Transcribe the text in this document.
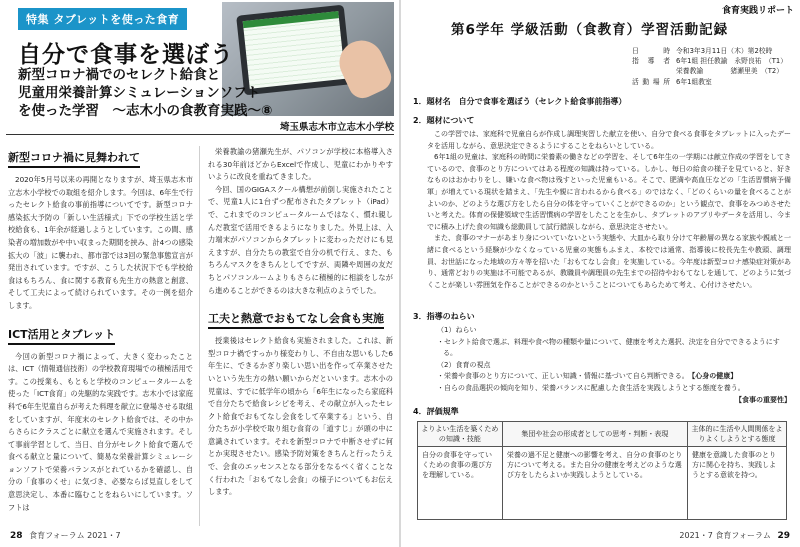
特集 タブレットを使った食育
自分で食事を選ぼう
新型コロナ禍でのセレクト給食と
児童用栄養計算シミュレーションソフト
を使った学習　～志木小の食教育実践～⑧
埼玉県志木市立志木小学校
新型コロナ禍に見舞われて

2020年5月号以来の再開となりますが、埼玉県志木市立志木小学校での取組を紹介します。今回は、6年生で行ったセレクト給食の事前指導についてです。新型コロナ感染拡大予防の「新しい生活様式」下での学校生活と学校給食も、1年余が経過しようとしています。この間、感染者の増加数がや中い収まった期間を挟み、計4つの感染拡大の「波」に襲われ、都市部では3回の緊急事態宣言が発出されています。ですが、こうした状況下でも学校給食はもちろん、食に関する教育も先生方の熱意と創意、そして工夫によって続けられています。その一例を紹介します。

ICT活用とタブレット

今回の新型コロナ禍によって、大きく変わったことは、ICT（情報通信技術）の学校教育現場での積極活用です。この授業も、もともと学校のコンピュータルームを使った「ICT食育」の先駆的な実践です。志木小では家庭科で6年生児童自らが考えた料理を献立に登場させる取組をしていますが、年度末のセレクト給食では、その中からさらにクラスごとに献立を選んで実施されます。そして事前学習として、当日、自分がセレクト給食で選んで食べる献立と量について、簡易な栄養計算シミュレーションソフトで栄養バランスがとれているかを確認し、自分の「食事のくせ」に気づき、必要ならば見直しをして意思決定し、本番に臨むことをねらいにしています。ソフトは

栄養教諭の猪瀬先生が、パソコンが学校に本格導入される30年前ほどからExcelで作成し、児童にわかりやすいように改良を重ねてきました。

今回、国のGIGAスクール構想が前倒し実施されたことで、児童1人に1台ずつ配布されたタブレット（iPad）で、これまでのコンピュータルームではなく、慣れ親しんだ教室で活用できるようになりました。外見上は、入力端末がパソコンからタブレットに変わっただけにも見えますが、自分たちの教室で自分の机で行え、また、もちろんマスクをきちんとしてですが、両隣や周囲の友だちとパソコンルームよりもさらに積極的に相談をしながら進めることができるのは大きな利点のようでした。

工夫と熱意でおもてなし会食も実施

授業後はセレクト給食も実施されました。これは、新型コロナ禍ですっかり様変わりし、不自由な思いもした6年生に、できるかぎり楽しい思い出を作って卒業させたいという先生方の熱い願いからだといいます。志木小の児童は、すでに低学年の頃から「6年生になったら家庭科で自分たちで給食レシピを考え、その献立が入ったセレクト給食でおもてなし会食をして卒業する」という、自分たちが小学校で取り組む食育の「道すじ」が頭の中に意識されています。それを新型コロナで中断させずに何とか実現させたい。感染予防対策をきちんと行ったうえで、会食のエッセンスとなる部分をなるべく省くことなく行われた「おもてなし会食」の様子についてもお伝えします。

28 食育フォーラム 2021・7
食育実践リポート
第6学年 学級活動（食教育）学習活動記録
日時	令和3年3月11日（木）第2校時
指導者	6年1組 担任教諭　永野良祐　（T1）
	栄養教諭　　　　猪瀬里美　（T2）
活動場所	6年1組教室
1．題材名　自分で食事を選ぼう（セレクト給食事前指導）
2．題材について

この学習では、家庭科で児童自らが作成し調理実習した献立を使い、自分で食べる食事をタブレットに入ったデータを活用しながら、意思決定できるようにすることをねらいとしている。

6年1組の児童は、家庭科の時間に栄養素の働きなどの学習を、そして6年生の一学期には献立作成の学習をしてきているので、食事のとり方についてはある程度の知識は持っている。しかし、毎日の給食の様子を見ていると、好きなものはおかわりをし、嫌いな食べ物は残すといった児童もいる。そこで、肥満や高血圧などの「生活習慣病予備軍」が増えている現状を踏まえ、「先生や親に言われるから食べる」のではなく、「どのくらいの量を食べることがよいのか、どのような選び方をしたら自分の体を守っていくことができるのか」という観点で、食事をみつめさせたいと考えた。体育の保健領域で生活習慣病の学習をしたことを生かし、タブレットのアプリやデータを活用し、今までに積み上げた食の知識も総動員して試行錯誤しながら、意思決定させたい。

また、食事のマナーがあまり身についていないという実態や、大皿から取り分けて年齢層の異なる家族や親戚と一緒に食べるという経験が少なくなっている児童の実態もふまえ、本校では通常、指導後に校長先生や教頭、調理員、お世話になった地域の方々等を招いた「おもてなし会食」を実施している。今年度は新型コロナ感染症対策があり、通常どおりの実施は不可能であるが、教職員や調理員の先生までの招待やおもてなしを通して、どのように気づくことが楽しい雰囲気を作ることができるのかということについてもあらためて考え、心付けさせたい。

3．指導のねらい

（1）ねらい

・セレクト給食で選ぶ、料理や食べ物の種類や量について、健康を考えた選択、決定を自分でできるようにする。

（2）食育の視点

・栄養や食事のとり方について、正しい知識・情報に基づいて自ら判断できる。 【心身の健康】

・自らの食品選択の傾向を知り、栄養バランスに配慮した食生活を実践しようとする態度を養う。

【食事の重要性】

4．評価規準
よりよい生活を築くための知識・技能	集団や社会の形成者としての思考・判断・表現	主体的に生活や人間関係をよりよくしようとする態度
自分の食事を守っていくための食事の選び方を理解している。	栄養の過不足と健康への影響を考え、自分の食事のとり方について考える。また自分の健康を考えどのような選び方をしたらよいか実践しようとしている。	健康を意識した食事のとり方に関心を持ち、実践しようとする意欲を持つ。
2021・7 食育フォーラム 29
